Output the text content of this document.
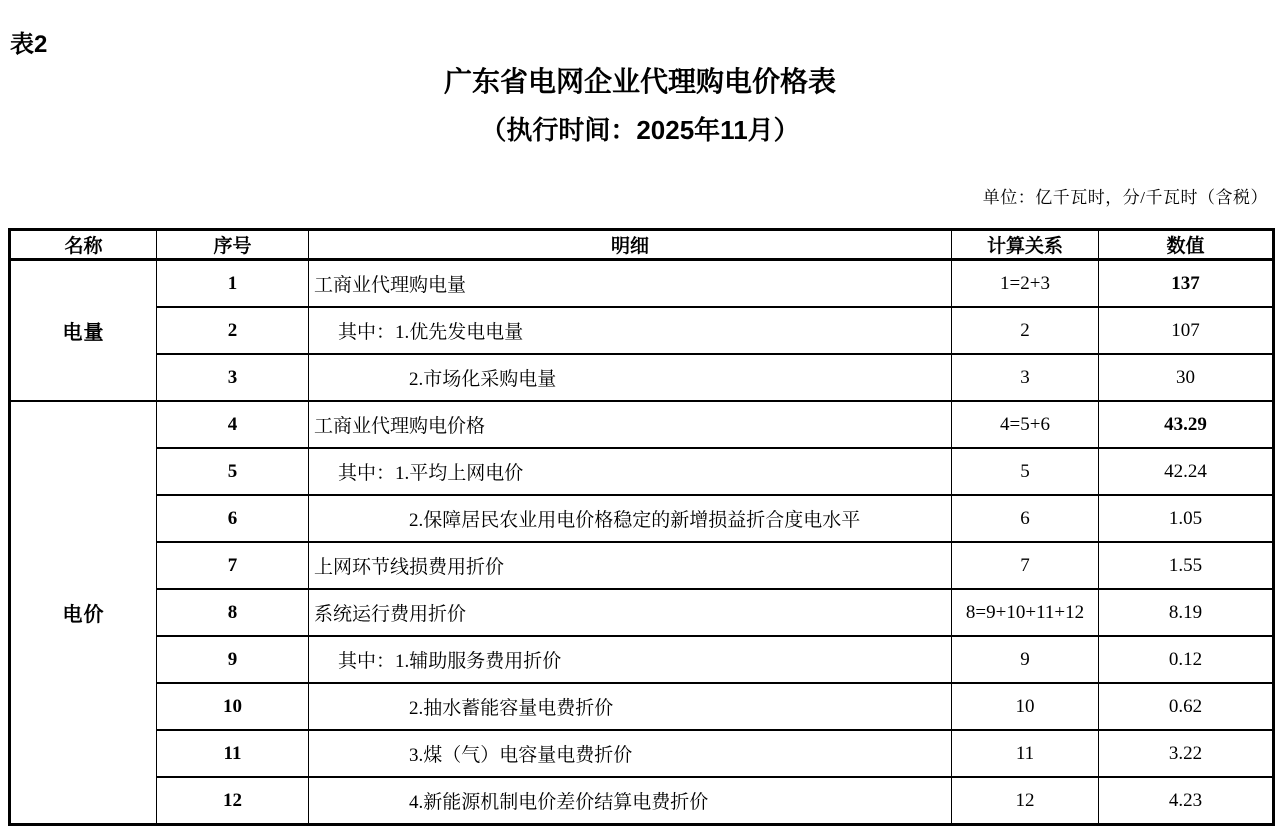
表2
广东省电网企业代理购电价格表
（执行时间：2025年11月）
单位：亿千瓦时，分/千瓦时（含税）
名称	序号	明细	计算关系	数值
电量	1	工商业代理购电量	1=2+3	137
	2	其中：1.优先发电电量	2	107
	3	2.市场化采购电量	3	30
电价	4	工商业代理购电价格	4=5+6	43.29
	5	其中：1.平均上网电价	5	42.24
	6	2.保障居民农业用电价格稳定的新增损益折合度电水平	6	1.05
	7	上网环节线损费用折价	7	1.55
	8	系统运行费用折价	8=9+10+11+12	8.19
	9	其中：1.辅助服务费用折价	9	0.12
	10	2.抽水蓄能容量电费折价	10	0.62
	11	3.煤（气）电容量电费折价	11	3.22
	12	4.新能源机制电价差价结算电费折价	12	4.23
